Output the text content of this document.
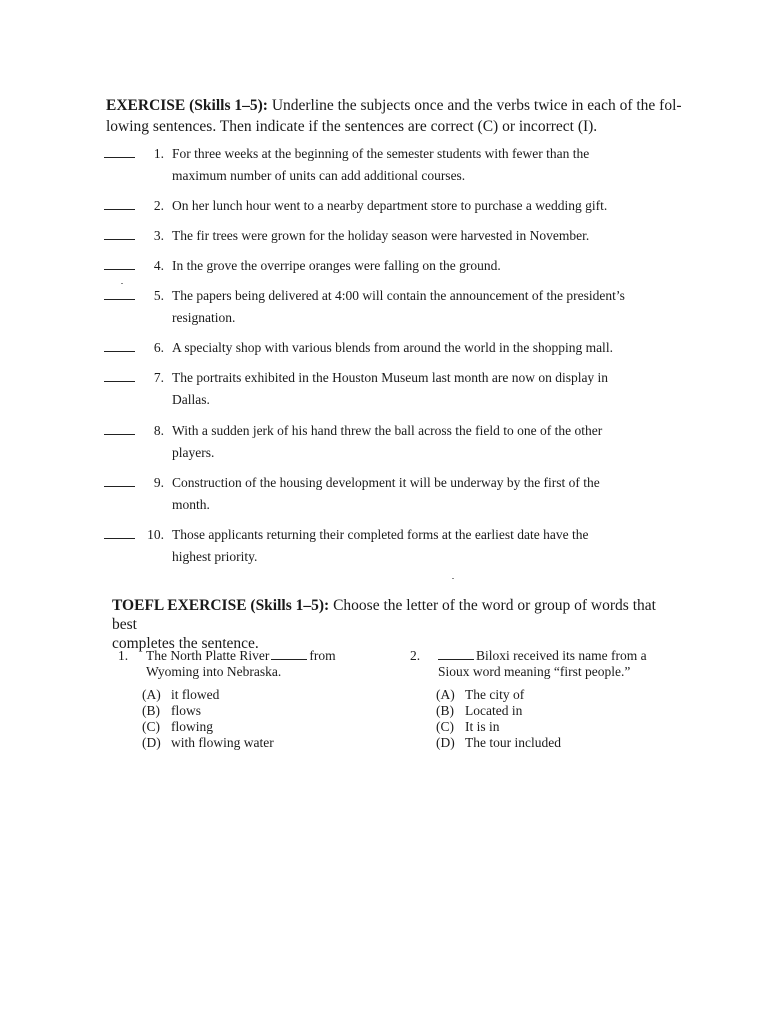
EXERCISE (Skills 1–5): Underline the subjects once and the verbs twice in each of the fol-
lowing sentences. Then indicate if the sentences are correct (C) or incorrect (I).
1. For three weeks at the beginning of the semester students with fewer than the
maximum number of units can add additional courses.
2. On her lunch hour went to a nearby department store to purchase a wedding gift.
3. The fir trees were grown for the holiday season were harvested in November.
4. In the grove the overripe oranges were falling on the ground.
5. The papers being delivered at 4:00 will contain the announcement of the president’s
resignation.
6. A specialty shop with various blends from around the world in the shopping mall.
7. The portraits exhibited in the Houston Museum last month are now on display in
Dallas.
8. With a sudden jerk of his hand threw the ball across the field to one of the other
players.
9. Construction of the housing development it will be underway by the first of the
month.
10. Those applicants returning their completed forms at the earliest date have the
highest priority.
TOEFL EXERCISE (Skills 1–5): Choose the letter of the word or group of words that best
completes the sentence.
1. The North Platte River	from
Wyoming into Nebraska.
(A) it flowed
(B) flows
(C) flowing
(D) with flowing water
2.	Biloxi received its name from a
Sioux word meaning “first people.”
(A) The city of
(B) Located in
(C) It is in
(D) The tour included
